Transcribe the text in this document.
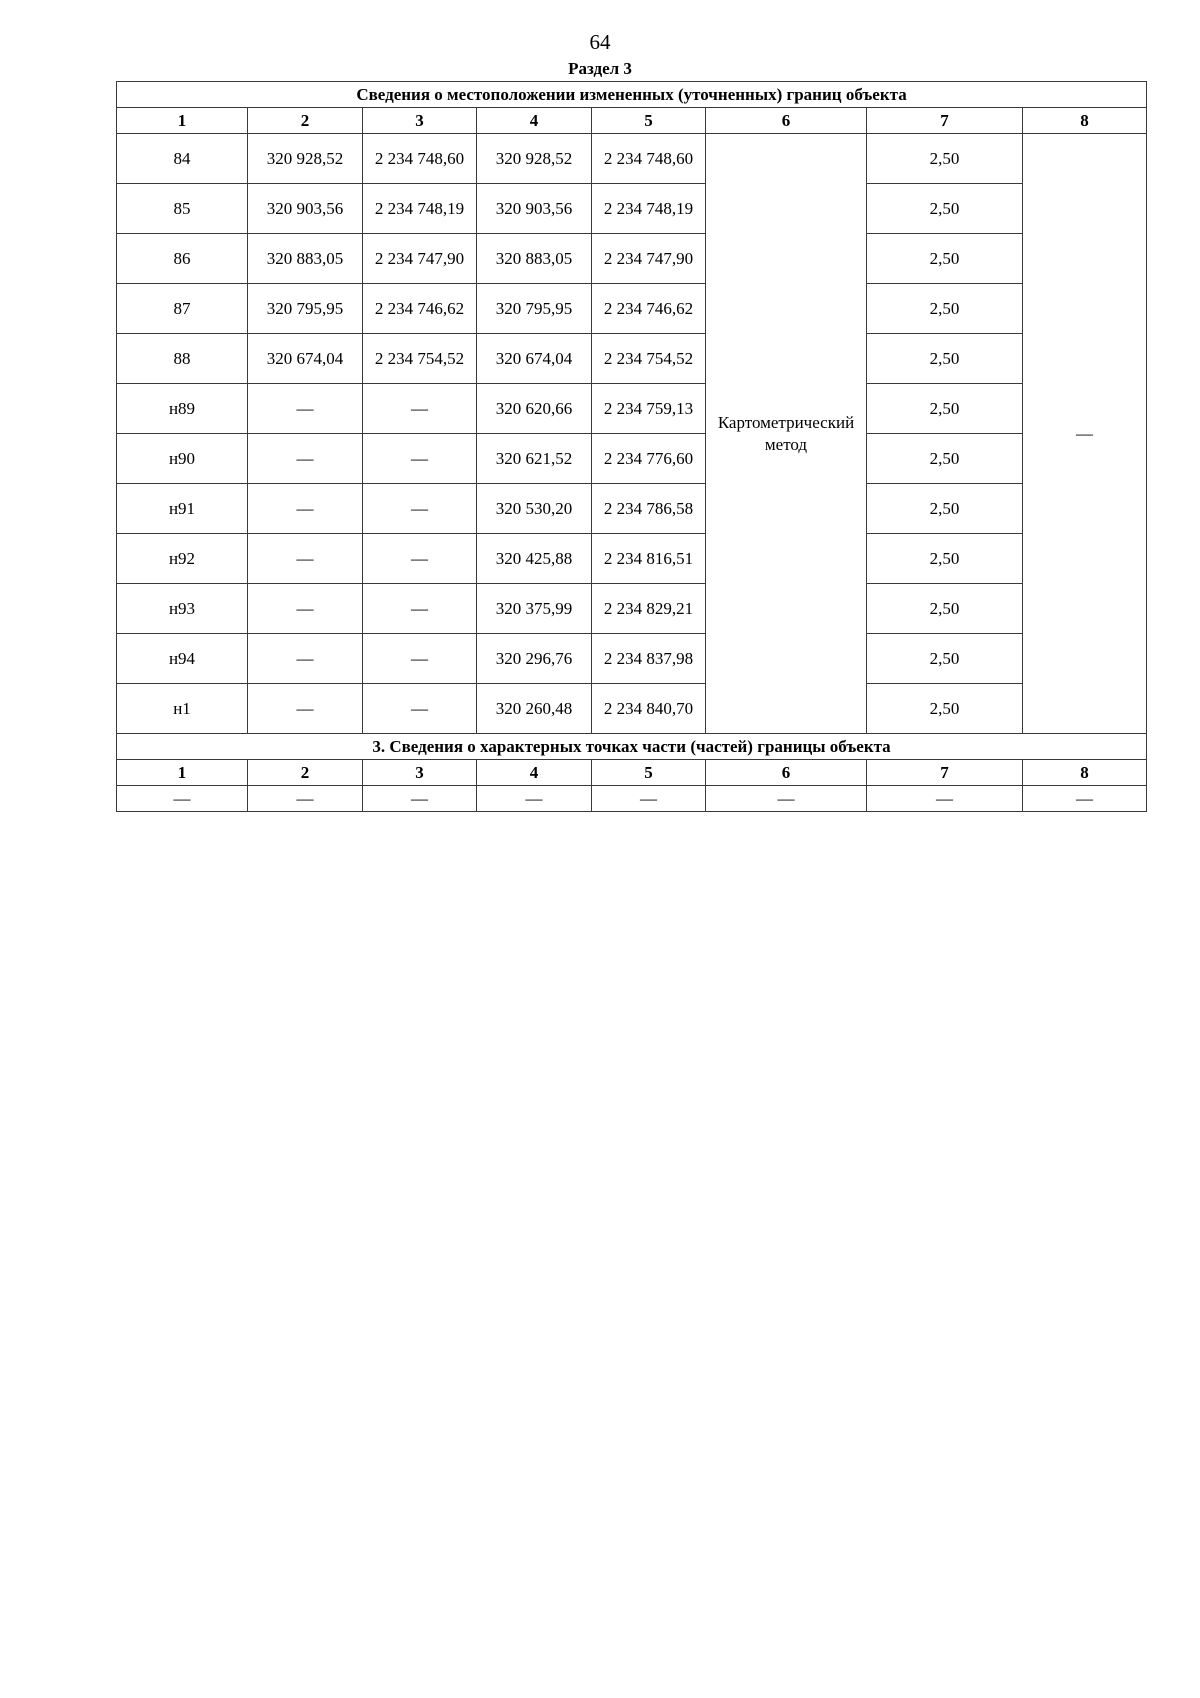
64
Раздел 3
Сведения о местоположении измененных (уточненных) границ объекта							
1	2	3	4	5	6	7	8
84	320 928,52	2 234 748,60	320 928,52	2 234 748,60	Картометрический метод	2,50	—
85	320 903,56	2 234 748,19	320 903,56	2 234 748,19		2,50	
86	320 883,05	2 234 747,90	320 883,05	2 234 747,90		2,50	
87	320 795,95	2 234 746,62	320 795,95	2 234 746,62		2,50	
88	320 674,04	2 234 754,52	320 674,04	2 234 754,52		2,50	
н89	—	—	320 620,66	2 234 759,13		2,50	
н90	—	—	320 621,52	2 234 776,60		2,50	
н91	—	—	320 530,20	2 234 786,58		2,50	
н92	—	—	320 425,88	2 234 816,51		2,50	
н93	—	—	320 375,99	2 234 829,21		2,50	
н94	—	—	320 296,76	2 234 837,98		2,50	
н1	—	—	320 260,48	2 234 840,70		2,50	
3. Сведения о характерных точках части (частей) границы объекта							
1	2	3	4	5	6	7	8
—	—	—	—	—	—	—	—
